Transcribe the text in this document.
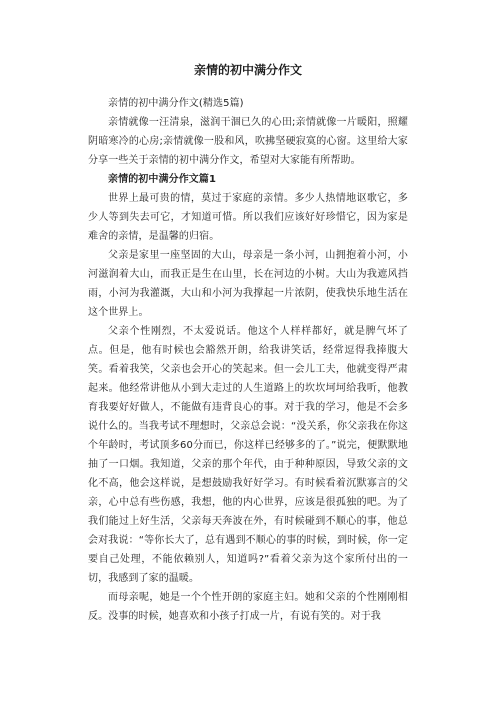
亲情的初中满分作文

亲情的初中满分作文(精选5篇)

亲情就像一汪清泉，滋润干涸已久的心田;亲情就像一片暖阳，照耀阴暗寒冷的心房;亲情就像一股和风，吹拂坚硬寂寞的心窗。这里给大家分享一些关于亲情的初中满分作文，希望对大家能有所帮助。

亲情的初中满分作文篇1

世界上最可贵的情，莫过于家庭的亲情。多少人热情地讴歌它，多少人等到失去可它，才知道可惜。所以我们应该好好珍惜它，因为家是难舍的亲情，是温馨的归宿。

父亲是家里一座坚固的大山，母亲是一条小河，山拥抱着小河，小河滋润着大山，而我正是生在山里，长在河边的小树。大山为我遮风挡雨，小河为我灌溉，大山和小河为我撑起一片浓阴，使我快乐地生活在这个世界上。

父亲个性刚烈，不太爱说话。他这个人样样都好，就是脾气坏了点。但是，他有时候也会豁然开朗，给我讲笑话，经常逗得我捧腹大笑。看着我笑，父亲也会开心的笑起来。但一会儿工夫，他就变得严肃起来。他经常讲他从小到大走过的人生道路上的坎坎坷坷给我听，他教育我要好好做人，不能做有违背良心的事。对于我的学习，他是不会多说什么的。当我考试不理想时，父亲总会说：“没关系，你父亲我在你这个年龄时，考试顶多60分而已，你这样已经够多的了。”说完，便默默地抽了一口烟。我知道，父亲的那个年代，由于种种原因，导致父亲的文化不高，他会这样说，是想鼓励我好好学习。有时候看着沉默寡言的父亲，心中总有些伤感，我想，他的内心世界，应该是很孤独的吧。为了我们能过上好生活，父亲每天奔波在外，有时候碰到不顺心的事，他总会对我说：“等你长大了，总有遇到不顺心的事的时候，到时候，你一定要自己处理，不能依赖别人，知道吗?”看着父亲为这个家所付出的一切，我感到了家的温暖。

而母亲呢，她是一个个性开朗的家庭主妇。她和父亲的个性刚刚相反。没事的时候，她喜欢和小孩子打成一片，有说有笑的。对于我
